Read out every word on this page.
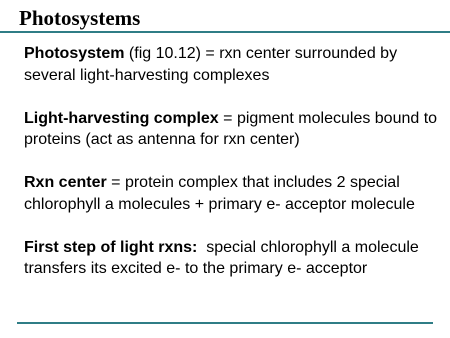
Photosystems

Photosystem (fig 10.12) = rxn center surrounded by several light-harvesting complexes

Light-harvesting complex = pigment molecules bound to proteins (act as antenna for rxn center)

Rxn center = protein complex that includes 2 special chlorophyll a molecules + primary e- acceptor molecule

First step of light rxns:  special chlorophyll a molecule transfers its excited e- to the primary e- acceptor
